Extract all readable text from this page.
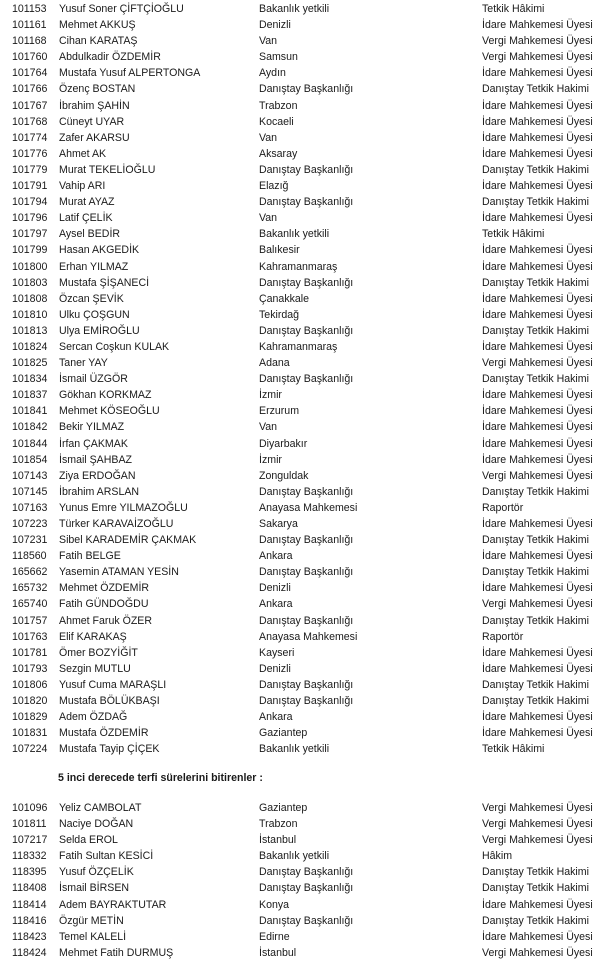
101153	Yusuf Soner ÇİFTÇİOĞLU	Bakanlık yetkili	Tetkik Hâkimi
101161	Mehmet AKKUŞ	Denizli	İdare Mahkemesi Üyesi
101168	Cihan KARATAŞ	Van	Vergi Mahkemesi Üyesi
101760	Abdulkadir ÖZDEMİR	Samsun	Vergi Mahkemesi Üyesi
101764	Mustafa Yusuf ALPERTONGA	Aydın	İdare Mahkemesi Üyesi
101766	Özenç BOSTAN	Danıştay Başkanlığı	Danıştay Tetkik Hakimi
101767	İbrahim ŞAHİN	Trabzon	İdare Mahkemesi Üyesi
101768	Cüneyt UYAR	Kocaeli	İdare Mahkemesi Üyesi
101774	Zafer AKARSU	Van	İdare Mahkemesi Üyesi
101776	Ahmet AK	Aksaray	İdare Mahkemesi Üyesi
101779	Murat TEKELİOĞLU	Danıştay Başkanlığı	Danıştay Tetkik Hakimi
101791	Vahip ARI	Elazığ	İdare Mahkemesi Üyesi
101794	Murat AYAZ	Danıştay Başkanlığı	Danıştay Tetkik Hakimi
101796	Latif ÇELİK	Van	İdare Mahkemesi Üyesi
101797	Aysel BEDİR	Bakanlık yetkili	Tetkik Hâkimi
101799	Hasan AKGEDİK	Balıkesir	İdare Mahkemesi Üyesi
101800	Erhan YILMAZ	Kahramanmaraş	İdare Mahkemesi Üyesi
101803	Mustafa ŞİŞANECİ	Danıştay Başkanlığı	Danıştay Tetkik Hakimi
101808	Özcan ŞEVİK	Çanakkale	İdare Mahkemesi Üyesi
101810	Ulku ÇOŞGUN	Tekirdağ	İdare Mahkemesi Üyesi
101813	Ulya EMİROĞLU	Danıştay Başkanlığı	Danıştay Tetkik Hakimi
101824	Sercan Coşkun KULAK	Kahramanmaraş	İdare Mahkemesi Üyesi
101825	Taner YAY	Adana	Vergi Mahkemesi Üyesi
101834	İsmail ÜZGÖR	Danıştay Başkanlığı	Danıştay Tetkik Hakimi
101837	Gökhan KORKMAZ	İzmir	İdare Mahkemesi Üyesi
101841	Mehmet KÖSEOĞLU	Erzurum	İdare Mahkemesi Üyesi
101842	Bekir YILMAZ	Van	İdare Mahkemesi Üyesi
101844	İrfan ÇAKMAK	Diyarbakır	İdare Mahkemesi Üyesi
101854	İsmail ŞAHBAZ	İzmir	İdare Mahkemesi Üyesi
107143	Ziya ERDOĞAN	Zonguldak	Vergi Mahkemesi Üyesi
107145	İbrahim ARSLAN	Danıştay Başkanlığı	Danıştay Tetkik Hakimi
107163	Yunus Emre YILMAZOĞLU	Anayasa Mahkemesi	Raportör
107223	Türker KARAVAİZOĞLU	Sakarya	İdare Mahkemesi Üyesi
107231	Sibel KARADEMİR ÇAKMAK	Danıştay Başkanlığı	Danıştay Tetkik Hakimi
118560	Fatih BELGE	Ankara	İdare Mahkemesi Üyesi
165662	Yasemin ATAMAN YESİN	Danıştay Başkanlığı	Danıştay Tetkik Hakimi
165732	Mehmet ÖZDEMİR	Denizli	İdare Mahkemesi Üyesi
165740	Fatih GÜNDOĞDU	Ankara	Vergi Mahkemesi Üyesi
101757	Ahmet Faruk ÖZER	Danıştay Başkanlığı	Danıştay Tetkik Hakimi
101763	Elif KARAKAŞ	Anayasa Mahkemesi	Raportör
101781	Ömer BOZYİĞİT	Kayseri	İdare Mahkemesi Üyesi
101793	Sezgin MUTLU	Denizli	İdare Mahkemesi Üyesi
101806	Yusuf Cuma MARAŞLI	Danıştay Başkanlığı	Danıştay Tetkik Hakimi
101820	Mustafa BÖLÜKBAŞI	Danıştay Başkanlığı	Danıştay Tetkik Hakimi
101829	Adem ÖZDAĞ	Ankara	İdare Mahkemesi Üyesi
101831	Mustafa ÖZDEMİR	Gaziantep	İdare Mahkemesi Üyesi
107224	Mustafa Tayip ÇİÇEK	Bakanlık yetkili	Tetkik Hâkimi
5 inci derecede terfi sürelerini bitirenler :
101096	Yeliz CAMBOLAT	Gaziantep	Vergi Mahkemesi Üyesi
101811	Naciye DOĞAN	Trabzon	Vergi Mahkemesi Üyesi
107217	Selda EROL	İstanbul	Vergi Mahkemesi Üyesi
118332	Fatih Sultan KESİCİ	Bakanlık yetkili	Hâkim
118395	Yusuf ÖZÇELİK	Danıştay Başkanlığı	Danıştay Tetkik Hakimi
118408	İsmail BİRSEN	Danıştay Başkanlığı	Danıştay Tetkik Hakimi
118414	Adem BAYRAKTUTAR	Konya	İdare Mahkemesi Üyesi
118416	Özgür METİN	Danıştay Başkanlığı	Danıştay Tetkik Hakimi
118423	Temel KALELİ	Edirne	İdare Mahkemesi Üyesi
118424	Mehmet Fatih DURMUŞ	İstanbul	Vergi Mahkemesi Üyesi
